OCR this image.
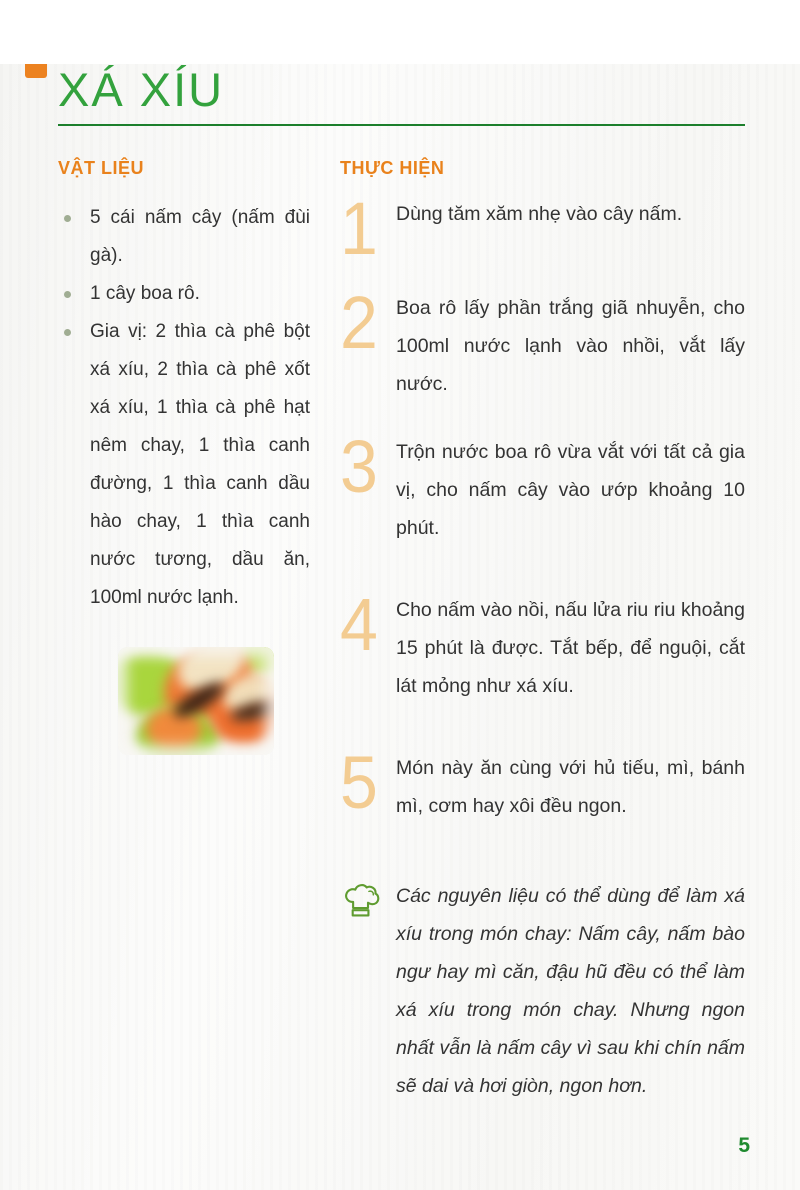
XÁ XÍU
VẬT LIỆU
5 cái nấm cây (nấm đùi gà).
1 cây boa rô.
Gia vị: 2 thìa cà phê bột xá xíu, 2 thìa cà phê xốt xá xíu, 1 thìa cà phê hạt nêm chay, 1 thìa canh đường, 1 thìa canh dầu hào chay, 1 thìa canh nước tương, dầu ăn, 100ml nước lạnh.
THỰC HIỆN
1 Dùng tăm xăm nhẹ vào cây nấm.

2 Boa rô lấy phần trắng giã nhuyễn, cho 100ml nước lạnh vào nhồi, vắt lấy nước.

3 Trộn nước boa rô vừa vắt với tất cả gia vị, cho nấm cây vào ướp khoảng 10 phút.

4 Cho nấm vào nồi, nấu lửa riu riu khoảng 15 phút là được. Tắt bếp, để nguội, cắt lát mỏng như xá xíu.

5 Món này ăn cùng với hủ tiếu, mì, bánh mì, cơm hay xôi đều ngon.

Các nguyên liệu có thể dùng để làm xá xíu trong món chay: Nấm cây, nấm bào ngư hay mì căn, đậu hũ đều có thể làm xá xíu trong món chay. Nhưng ngon nhất vẫn là nấm cây vì sau khi chín nấm sẽ dai và hơi giòn, ngon hơn.

5
